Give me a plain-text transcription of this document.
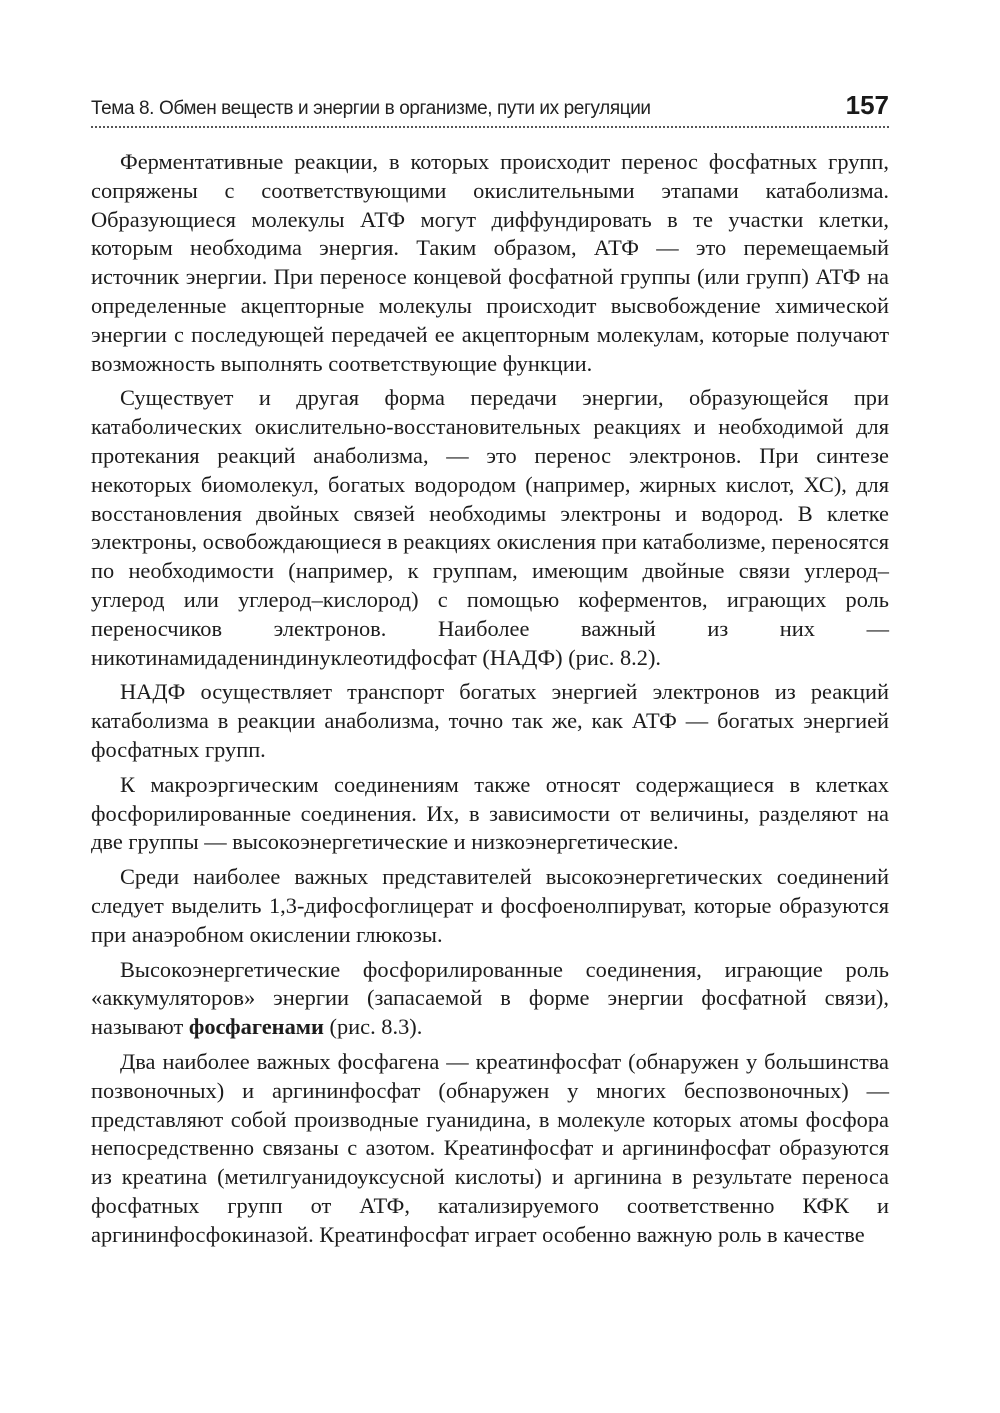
Тема 8. Обмен веществ и энергии в организме, пути их регуляции	157

Ферментативные реакции, в которых происходит перенос фосфатных групп, сопряжены с соответствующими окислительными этапами катаболизма. Образующиеся молекулы АТФ могут диффундировать в те участки клетки, которым необходима энергия. Таким образом, АТФ — это перемещаемый источник энергии. При переносе концевой фосфатной группы (или групп) АТФ на определенные акцепторные молекулы происходит высвобождение химической энергии с последующей передачей ее акцепторным молекулам, которые получают возможность выполнять соответствующие функции.

Существует и другая форма передачи энергии, образующейся при катаболических окислительно-восстановительных реакциях и необходимой для протекания реакций анаболизма, — это перенос электронов. При синтезе некоторых биомолекул, богатых водородом (например, жирных кислот, ХС), для восстановления двойных связей необходимы электроны и водород. В клетке электроны, освобождающиеся в реакциях окисления при катаболизме, переносятся по необходимости (например, к группам, имеющим двойные связи углерод–углерод или углерод–кислород) с помощью коферментов, играющих роль переносчиков электронов. Наиболее важный из них — никотинамидадениндинуклеотидфосфат (НАДФ) (рис. 8.2).

НАДФ осуществляет транспорт богатых энергией электронов из реакций катаболизма в реакции анаболизма, точно так же, как АТФ — богатых энергией фосфатных групп.

К макроэргическим соединениям также относят содержащиеся в клетках фосфорилированные соединения. Их, в зависимости от величины, разделяют на две группы — высокоэнергетические и низкоэнергетические.

Среди наиболее важных представителей высокоэнергетических соединений следует выделить 1,3-дифосфоглицерат и фосфоенолпируват, которые образуются при анаэробном окислении глюкозы.

Высокоэнергетические фосфорилированные соединения, играющие роль «аккумуляторов» энергии (запасаемой в форме энергии фосфатной связи), называют фосфагенами (рис. 8.3).

Два наиболее важных фосфагена — креатинфосфат (обнаружен у большинства позвоночных) и аргининфосфат (обнаружен у многих беспозвоночных) — представляют собой производные гуанидина, в молекуле которых атомы фосфора непосредственно связаны с азотом. Креатинфосфат и аргининфосфат образуются из креатина (метилгуанидоуксусной кислоты) и аргинина в результате переноса фосфатных групп от АТФ, катализируемого соответственно КФК и аргининфосфокиназой. Креатинфосфат играет особенно важную роль в качестве
